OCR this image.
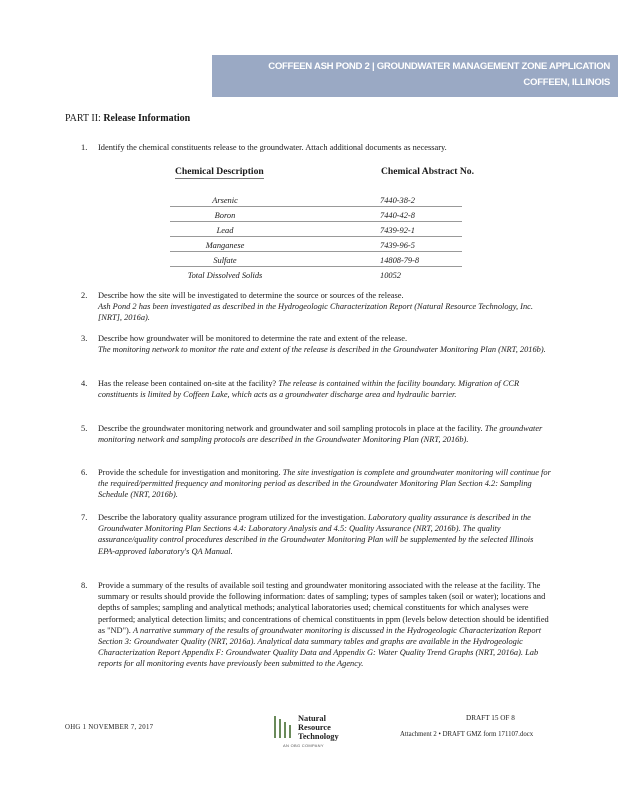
COFFEEN ASH POND 2 | GROUNDWATER MANAGEMENT ZONE APPLICATION
COFFEEN, ILLINOIS
PART II: Release Information
1. Identify the chemical constituents release to the groundwater. Attach additional documents as necessary.
Chemical Description	Chemical Abstract No.
Arsenic	7440-38-2
Boron	7440-42-8
Lead	7439-92-1
Manganese	7439-96-5
Sulfate	14808-79-8
Total Dissolved Solids	10052
2. Describe how the site will be investigated to determine the source or sources of the release.
Ash Pond 2 has been investigated as described in the Hydrogeologic Characterization Report (Natural Resource Technology, Inc. [NRT], 2016a).
3. Describe how groundwater will be monitored to determine the rate and extent of the release.
The monitoring network to monitor the rate and extent of the release is described in the Groundwater Monitoring Plan (NRT, 2016b).
4. Has the release been contained on-site at the facility? The release is contained within the facility boundary. Migration of CCR constituents is limited by Coffeen Lake, which acts as a groundwater discharge area and hydraulic barrier.
5. Describe the groundwater monitoring network and groundwater and soil sampling protocols in place at the facility. The groundwater monitoring network and sampling protocols are described in the Groundwater Monitoring Plan (NRT, 2016b).
6. Provide the schedule for investigation and monitoring. The site investigation is complete and groundwater monitoring will continue for the required/permitted frequency and monitoring period as described in the Groundwater Monitoring Plan Section 4.2: Sampling Schedule (NRT, 2016b).
7. Describe the laboratory quality assurance program utilized for the investigation. Laboratory quality assurance is described in the Groundwater Monitoring Plan Sections 4.4: Laboratory Analysis and 4.5: Quality Assurance (NRT, 2016b). The quality assurance/quality control procedures described in the Groundwater Monitoring Plan will be supplemented by the selected Illinois EPA-approved laboratory's QA Manual.
8. Provide a summary of the results of available soil testing and groundwater monitoring associated with the release at the facility. The summary or results should provide the following information: dates of sampling; types of samples taken (soil or water); locations and depths of samples; sampling and analytical methods; analytical laboratories used; chemical constituents for which analyses were performed; analytical detection limits; and concentrations of chemical constituents in ppm (levels below detection should be identified as "ND"). A narrative summary of the results of groundwater monitoring is discussed in the Hydrogeologic Characterization Report Section 3: Groundwater Quality (NRT, 2016a). Analytical data summary tables and graphs are available in the Hydrogeologic Characterization Report Appendix F: Groundwater Quality Data and Appendix G: Water Quality Trend Graphs (NRT, 2016a). Lab reports for all monitoring events have previously been submitted to the Agency.
OHG 1 NOVEMBER 7, 2017
Natural
Resource
Technology
AN OBG COMPANY
DRAFT 15 OF 8
Attachment 2 • DRAFT GMZ form 171107.docx
